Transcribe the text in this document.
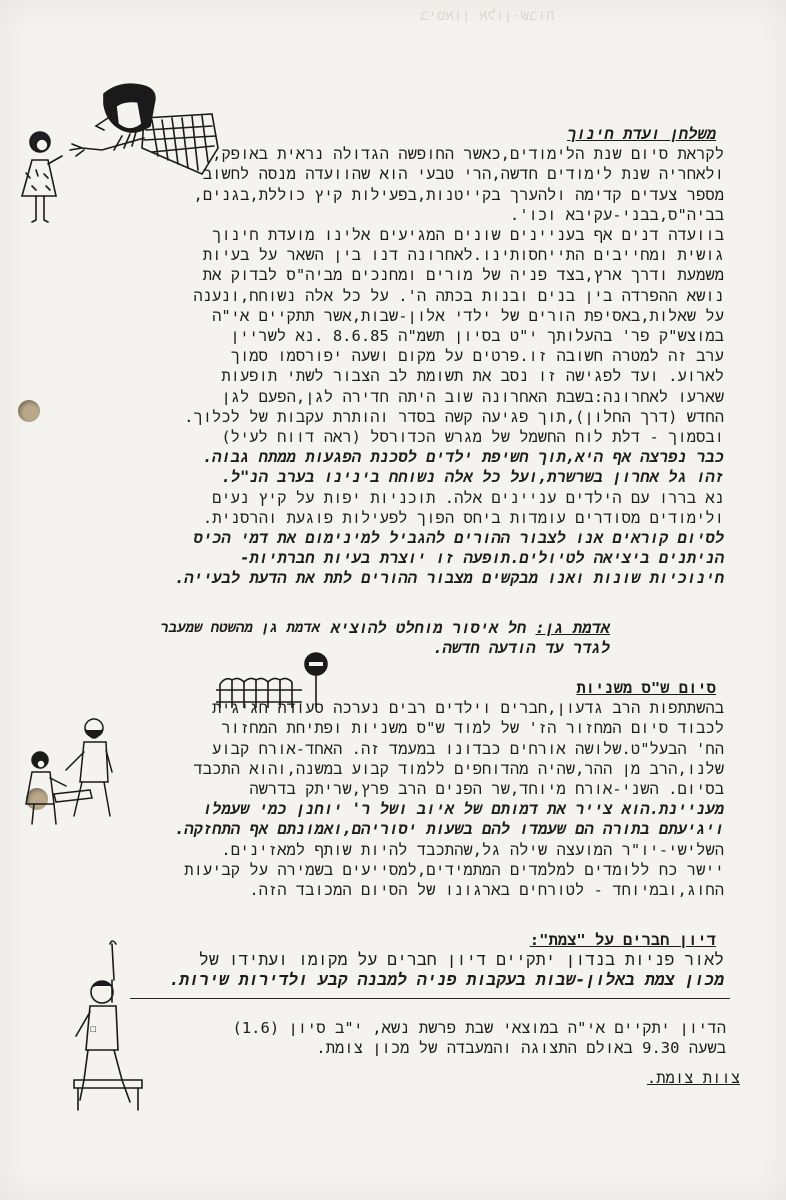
ביטאון אלון-שבות
משלחן ועדת חינוך
לקראת סיום שנת הלימודים,כאשר החופשה הגדולה נראית באופק,
ולאחריה שנת לימודים חדשה,הרי טבעי הוא שהוועדה מנסה לחשוב
מספר צעדים קדימה ולהערך בקייטנות,בפעילות קיץ כוללת,בגנים,
בביה"ס,בבני-עקיבא וכו'.
בוועדה דנים אף בעניינים שונים המגיעים אלינו מועדת חינוך
גושית ומחייבים התייחסותינו.לאחרונה דנו בין השאר על בעיות
משמעת ודרך ארץ,בצד פניה של מורים ומחנכים מביה"ס לבדוק את
נושא ההפרדה בין בנים ובנות בכתה ה'. על כל אלה נשוחח,ונענה
על שאלות,באסיפת הורים של ילדי אלון-שבות,אשר תתקיים אי"ה
במוצש"ק פר' בהעלותך י"ט בסיון תשמ"ה 8.6.85 .נא לשריין
ערב זה למטרה חשובה זו.פרטים על מקום ושעה יפורסמו סמוך
לארוע. ועד לפגישה זו נסב את תשומת לב הצבור לשתי תופעות
שארעו לאחרונה:בשבת האחרונה שוב היתה חדירה לגן,הפעם לגן
החדש (דרך החלון),תוך פגיעה קשה בסדר והותרת עקבות של לכלוך.
ובסמוך - דלת לוח החשמל של מגרש הכדורסל (ראה דווח לעיל)
כבר נפרצה אף היא,תוך חשיפת ילדים לסכנת הפגעות ממתח גבוה.
זהו גל אחרון בשרשרת,ועל כל אלה נשוחח בינינו בערב הנ"ל.
נא בררו עם הילדים עניינים אלה. תוכניות יפות על קיץ נעים
ולימודים מסודרים עומדות ביחס הפוך לפעילות פוגעת והרסנית.
לסיום קוראים אנו לצבור ההורים להגביל למינימום את דמי הכיס
הניתנים ביציאה לטיולים.תופעה זו יוצרת בעיות חברתיות-
חינוכיות שונות ואנו מבקשים מצבור ההורים לתת את הדעת לבעייה.
אדמת גן: חל איסור מוחלט להוציא
לגדר עד הודעה חדשה.
אדמת גן מהשטח שמעבר
סיום ש"ס משניות
בהשתתפות הרב גדעון,חברים וילדים רבים נערכה סעודה חגיגית
לכבוד סיום המחזור הז' של למוד ש"ס משניות ופתיחת המחזור
הח' הבעל"ט.שלושה אורחים כבדונו במעמד זה. האחד-אורח קבוע
שלנו,הרב מן ההר,שהיה מהדוחפים ללמוד קבוע במשנה,והוא התכבד
בסיום. השני-אורח מיוחד,שר הפנים הרב פרץ,שריתק בדרשה
מעניינת.הוא צייר את דמותם של איוב ושל ר' יוחנן כמי שעמלו
ויגיעתם בתורה הם שעמדו להם בשעות יסוריהם,ואמונתם אף התחזקה.
השלישי-יו"ר המועצה שילה גל,שהתכבד להיות שותף למאזינים.
יישר כח ללומדים למלמדים המתמידים,למסייעים בשמירה על קביעות
החוג,ובמיוחד - לטורחים בארגונו של הסיום המכובד הזה.
דיון חברים על "צמת":
לאור פניות בנדון יתקיים דיון חברים על מקומו ועתידו של
מכון צמת באלון-שבות בעקבות פניה למבנה קבע ולדירות שירות.
הדיון יתקיים אי"ה במוצאי שבת פרשת נשא, י"ב סיון (1.6)
בשעה 9.30 באולם התצוגה והמעבדה של מכון צומת.
צוות צומת.
☐
